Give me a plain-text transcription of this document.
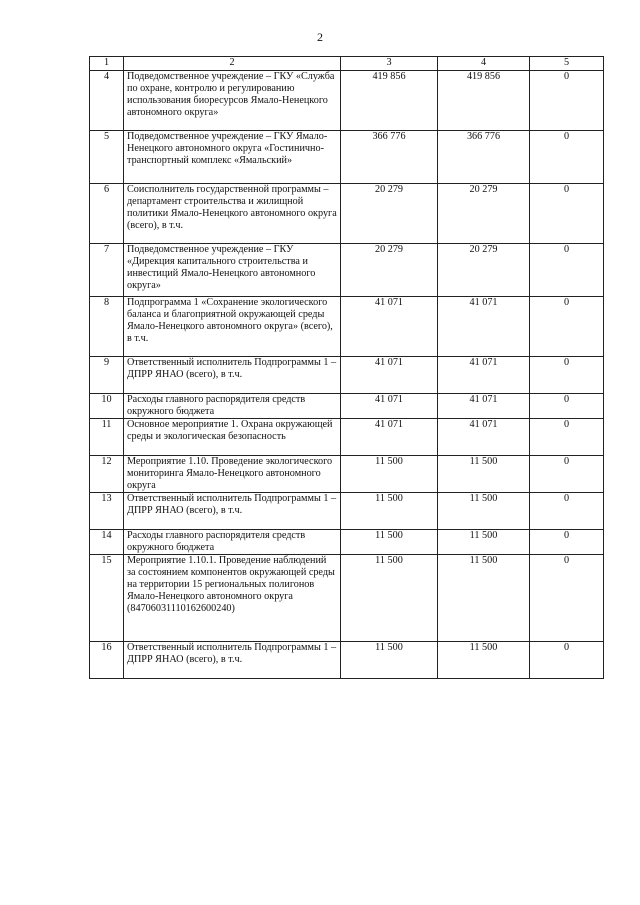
2
1	2	3	4	5
4	Подведомственное учреждение – ГКУ «Служба по охране, контролю и регулированию использования биоресурсов Ямало-Ненецкого автономного округа»	419 856	419 856	0
5	Подведомственное учреждение – ГКУ Ямало-Ненецкого автономного округа «Гостинично-транспортный комплекс «Ямальский»	366 776	366 776	0
6	Соисполнитель государственной программы – департамент строительства и жилищной политики Ямало-Ненецкого автономного округа (всего), в т.ч.	20 279	20 279	0
7	Подведомственное учреждение – ГКУ «Дирекция капитального строительства и инвестиций Ямало-Ненецкого автономного округа»	20 279	20 279	0
8	Подпрограмма 1 «Сохранение экологического баланса и благоприятной окружающей среды Ямало-Ненецкого автономного округа» (всего), в т.ч.	41 071	41 071	0
9	Ответственный исполнитель Подпрограммы 1 – ДПРР ЯНАО (всего), в т.ч.	41 071	41 071	0
10	Расходы главного распорядителя средств окружного бюджета	41 071	41 071	0
11	Основное мероприятие 1. Охрана окружающей среды и экологическая безопасность	41 071	41 071	0
12	Мероприятие 1.10. Проведение экологического мониторинга Ямало-Ненецкого автономного округа	11 500	11 500	0
13	Ответственный исполнитель Подпрограммы 1 – ДПРР ЯНАО (всего), в т.ч.	11 500	11 500	0
14	Расходы главного распорядителя средств окружного бюджета	11 500	11 500	0
15	Мероприятие 1.10.1. Проведение наблюдений за состоянием компонентов окружающей среды на территории 15 региональных полигонов Ямало-Ненецкого автономного округа (84706031110162600240)	11 500	11 500	0
16	Ответственный исполнитель Подпрограммы 1 – ДПРР ЯНАО (всего), в т.ч.	11 500	11 500	0
